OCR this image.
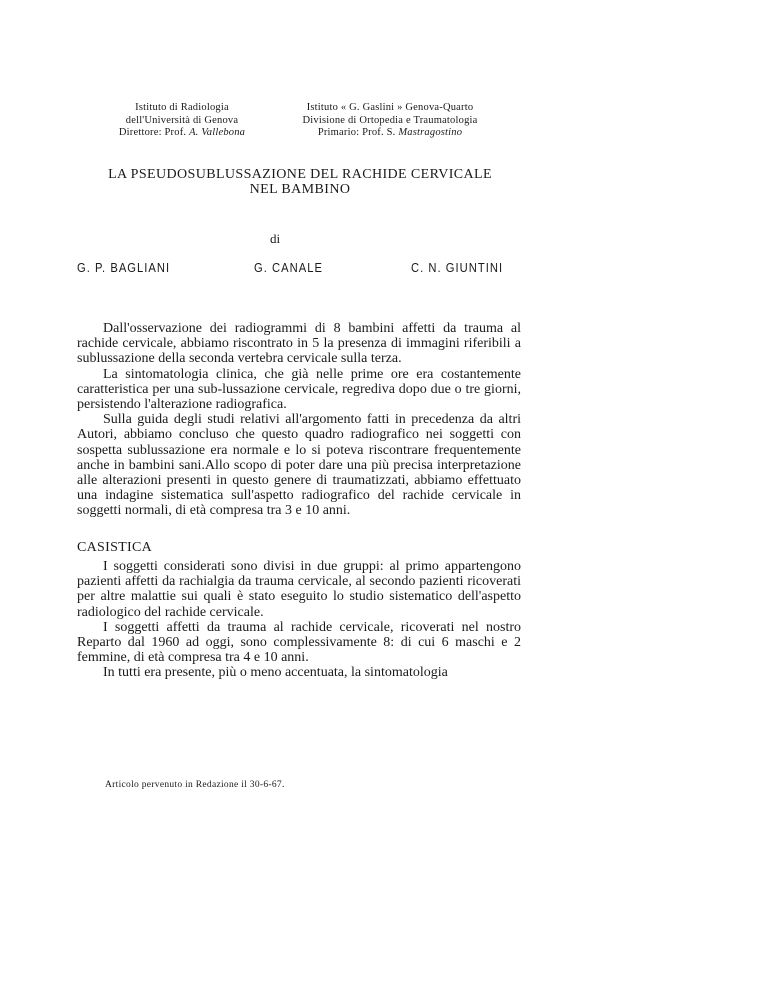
Istituto di Radiologia
dell'Università di Genova
Direttore: Prof. A. Vallebona
Istituto « G. Gaslini » Genova-Quarto
Divisione di Ortopedia e Traumatologia
Primario: Prof. S. Mastragostino
LA PSEUDOSUBLUSSAZIONE DEL RACHIDE CERVICALE
NEL BAMBINO
di
G. P. BAGLIANI	G. CANALE	C. N. GIUNTINI

Dall'osservazione dei radiogrammi di 8 bambini affetti da trauma al rachide cervicale, abbiamo riscontrato in 5 la presenza di immagini riferibili a sublussazione della seconda vertebra cervicale sulla terza.

La sintomatologia clinica, che già nelle prime ore era costantemente caratteristica per una sub-lussazione cervicale, regrediva dopo due o tre giorni, persistendo l'alterazione radiografica.

Sulla guida degli studi relativi all'argomento fatti in precedenza da altri Autori, abbiamo concluso che questo quadro radiografico nei soggetti con sospetta sublussazione era normale e lo si poteva riscontrare frequentemente anche in bambini sani.Allo scopo di poter dare una più precisa interpretazione alle alterazioni presenti in questo genere di traumatizzati, abbiamo effettuato una indagine sistematica sull'aspetto radiografico del rachide cervicale in soggetti normali, di età compresa tra 3 e 10 anni.

CASISTICA

I soggetti considerati sono divisi in due gruppi: al primo appartengono pazienti affetti da rachialgia da trauma cervicale, al secondo pazienti ricoverati per altre malattie sui quali è stato eseguito lo studio sistematico dell'aspetto radiologico del rachide cervicale.

I soggetti affetti da trauma al rachide cervicale, ricoverati nel nostro Reparto dal 1960 ad oggi, sono complessivamente 8: di cui 6 maschi e 2 femmine, di età compresa tra 4 e 10 anni.

In tutti era presente, più o meno accentuata, la sintomatologia

Articolo pervenuto in Redazione il 30-6-67.
